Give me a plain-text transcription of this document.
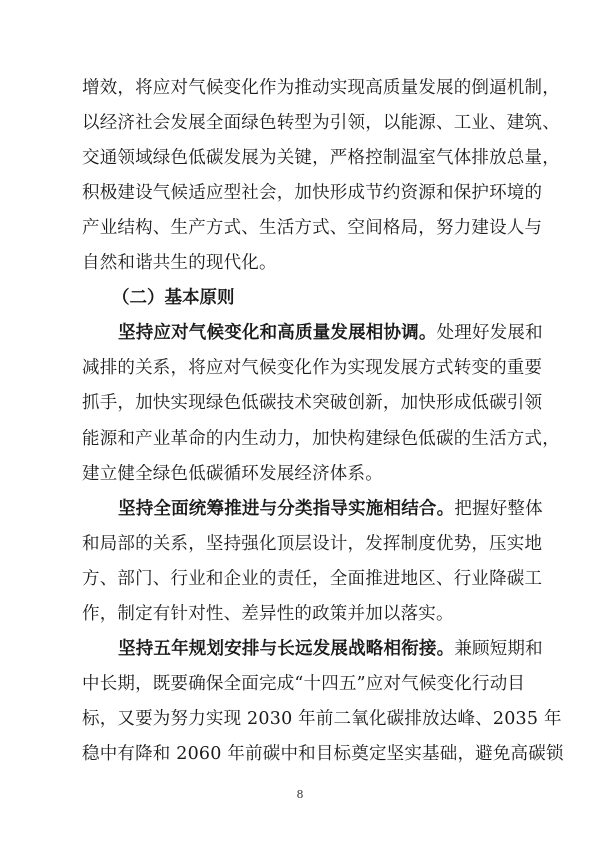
增效，将应对气候变化作为推动实现高质量发展的倒逼机制，
以经济社会发展全面绿色转型为引领，以能源、工业、建筑、
交通领域绿色低碳发展为关键，严格控制温室气体排放总量，
积极建设气候适应型社会，加快形成节约资源和保护环境的
产业结构、生产方式、生活方式、空间格局，努力建设人与
自然和谐共生的现代化。
（二）基本原则
坚持应对气候变化和高质量发展相协调。处理好发展和
减排的关系，将应对气候变化作为实现发展方式转变的重要
抓手，加快实现绿色低碳技术突破创新，加快形成低碳引领
能源和产业革命的内生动力，加快构建绿色低碳的生活方式，
建立健全绿色低碳循环发展经济体系。
坚持全面统筹推进与分类指导实施相结合。把握好整体
和局部的关系，坚持强化顶层设计，发挥制度优势，压实地
方、部门、行业和企业的责任，全面推进地区、行业降碳工
作，制定有针对性、差异性的政策并加以落实。
坚持五年规划安排与长远发展战略相衔接。兼顾短期和
中长期，既要确保全面完成“十四五”应对气候变化行动目
标，又要为努力实现 2030 年前二氧化碳排放达峰、2035 年
稳中有降和 2060 年前碳中和目标奠定坚实基础，避免高碳锁
8
